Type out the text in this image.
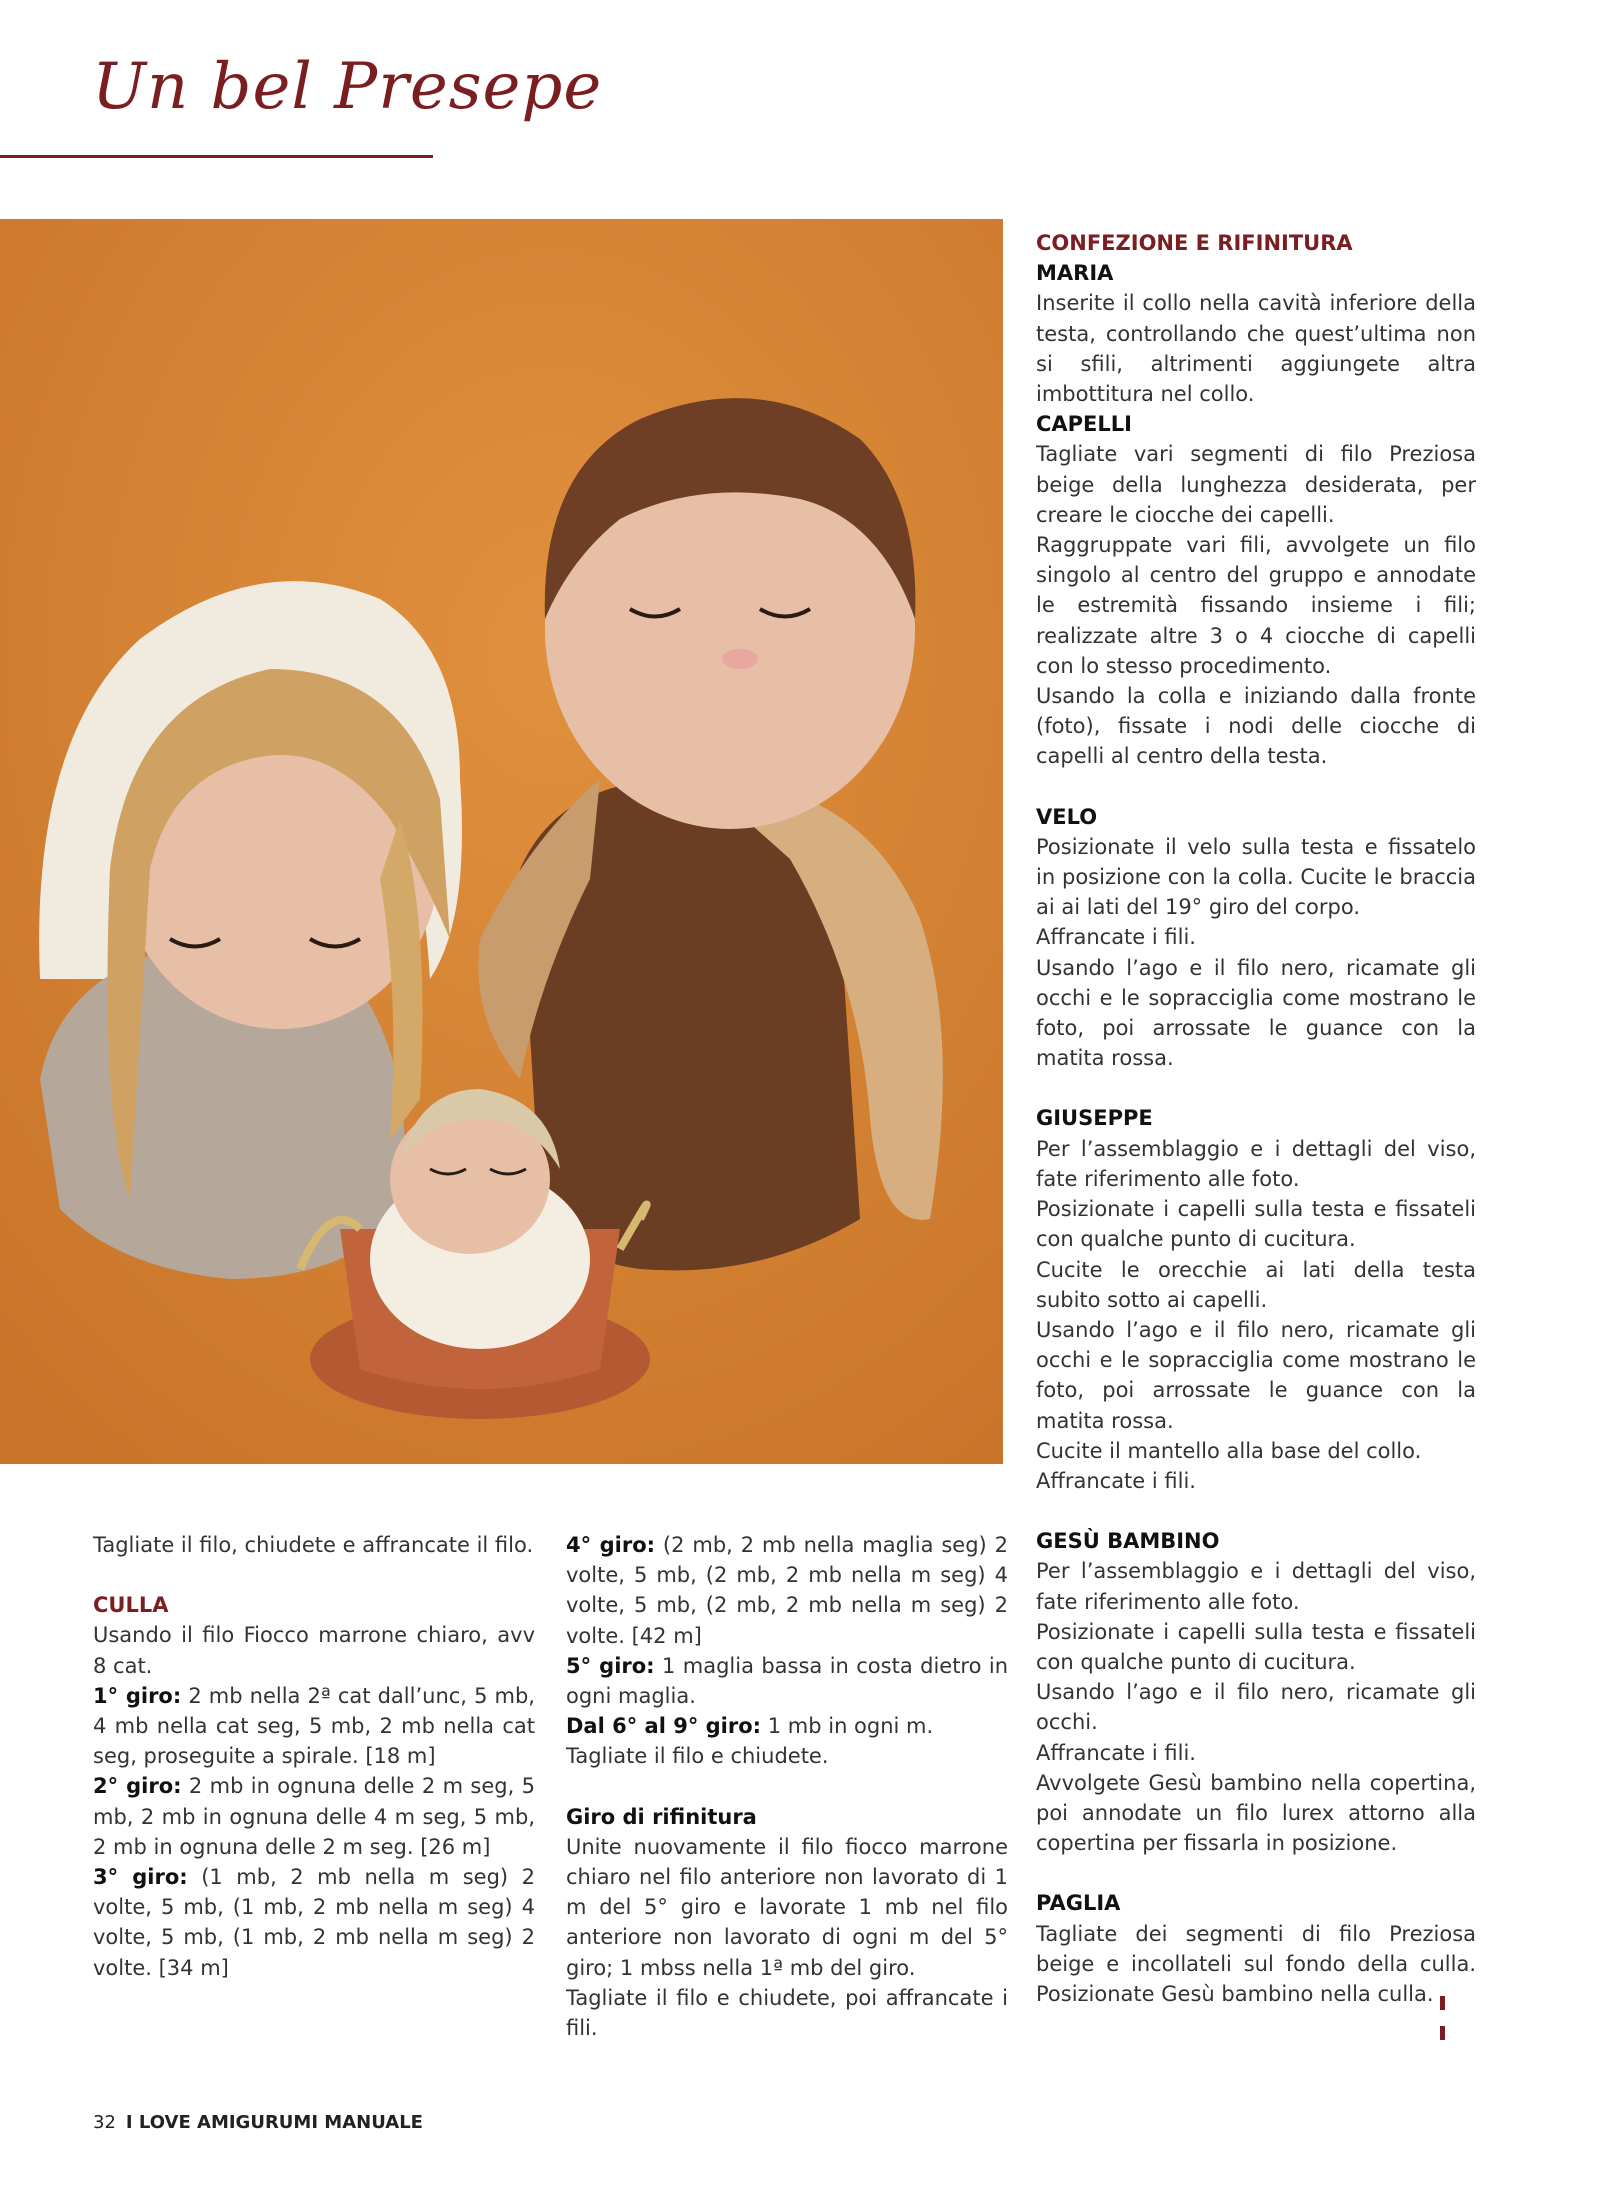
Un bel Presepe

CONFEZIONE E RIFINITURA

MARIA

Inserite il collo nella cavità inferiore della testa, controllando che quest’ultima non si sfili, altrimenti aggiungete altra imbottitura nel collo.

CAPELLI

Tagliate vari segmenti di filo Preziosa beige della lunghezza desiderata, per creare le ciocche dei capelli.

Raggruppate vari fili, avvolgete un filo singolo al centro del gruppo e annodate le estremità fissando insieme i fili; realizzate altre 3 o 4 ciocche di capelli con lo stesso procedimento.

Usando la colla e iniziando dalla fronte (foto), fissate i nodi delle ciocche di capelli al centro della testa.

VELO

Posizionate il velo sulla testa e fissatelo in posizione con la colla. Cucite le braccia ai ai lati del 19° giro del corpo.

Affrancate i fili.

Usando l’ago e il filo nero, ricamate gli occhi e le sopracciglia come mostrano le foto, poi arrossate le guance con la matita rossa.

GIUSEPPE

Per l’assemblaggio e i dettagli del viso, fate riferimento alle foto.

Posizionate i capelli sulla testa e fissateli con qualche punto di cucitura.

Cucite le orecchie ai lati della testa subito sotto ai capelli.

Usando l’ago e il filo nero, ricamate gli occhi e le sopracciglia come mostrano le foto, poi arrossate le guance con la matita rossa.

Cucite il mantello alla base del collo.

Affrancate i fili.

GESÙ BAMBINO

Per l’assemblaggio e i dettagli del viso, fate riferimento alle foto.

Posizionate i capelli sulla testa e fissateli con qualche punto di cucitura.

Usando l’ago e il filo nero, ricamate gli occhi.

Affrancate i fili.

Avvolgete Gesù bambino nella copertina, poi annodate un filo lurex attorno alla copertina per fissarla in posizione.

PAGLIA

Tagliate dei segmenti di filo Preziosa beige e incollateli sul fondo della culla. Posizionate Gesù bambino nella culla.

Tagliate il filo, chiudete e affrancate il filo.

CULLA

Usando il filo Fiocco marrone chiaro, avv 8 cat.

1° giro: 2 mb nella 2ª cat dall’unc, 5 mb, 4 mb nella cat seg, 5 mb, 2 mb nella cat seg, proseguite a spirale. [18 m]

2° giro: 2 mb in ognuna delle 2 m seg, 5 mb, 2 mb in ognuna delle 4 m seg, 5 mb, 2 mb in ognuna delle 2 m seg. [26 m]

3° giro: (1 mb, 2 mb nella m seg) 2 volte, 5 mb, (1 mb, 2 mb nella m seg) 4 volte, 5 mb, (1 mb, 2 mb nella m seg) 2 volte. [34 m]

4° giro: (2 mb, 2 mb nella maglia seg) 2 volte, 5 mb, (2 mb, 2 mb nella m seg) 4 volte, 5 mb, (2 mb, 2 mb nella m seg) 2 volte. [42 m]

5° giro: 1 maglia bassa in costa dietro in ogni maglia.

Dal 6° al 9° giro: 1 mb in ogni m.

Tagliate il filo e chiudete.

Giro di rifinitura

Unite nuovamente il filo fiocco marrone chiaro nel filo anteriore non lavorato di 1 m del 5° giro e lavorate 1 mb nel filo anteriore non lavorato di ogni m del 5° giro; 1 mbss nella 1ª mb del giro.

Tagliate il filo e chiudete, poi affrancate i fili.

32 I LOVE AMIGURUMI MANUALE
